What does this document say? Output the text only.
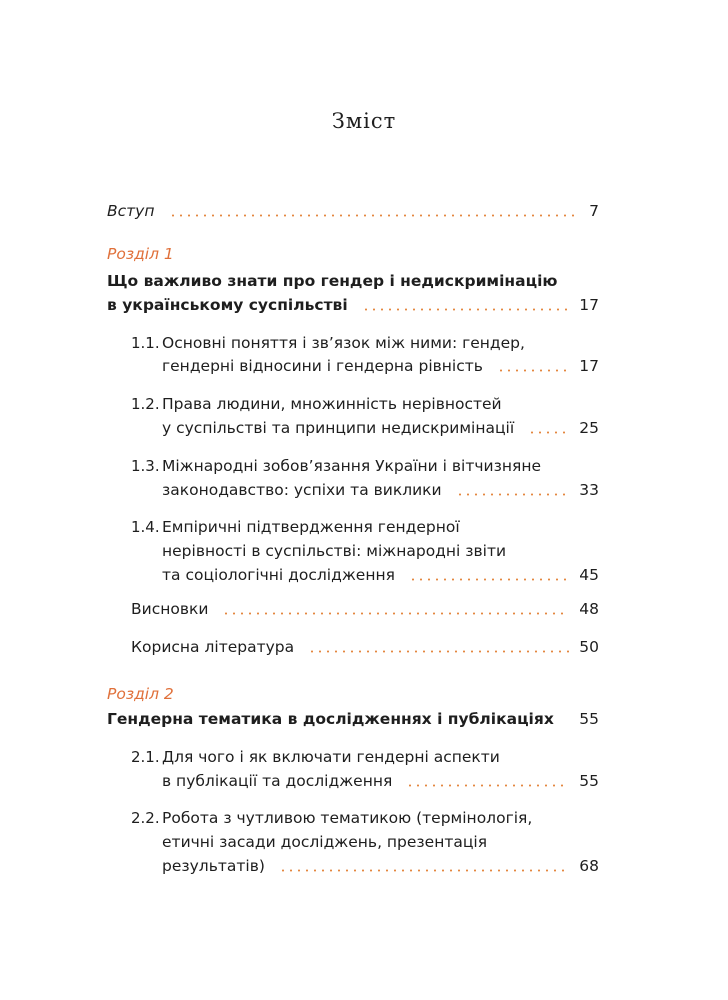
Зміст
Вступ	7
Розділ 1
Що важливо знати про гендер і недискримінацію
в українському суспільстві	17
1.1. Основні поняття і зв’язок між ними: гендер,
гендерні відносини і гендерна рівність	17
1.2. Права людини, множинність нерівностей
у суспільстві та принципи недискримінації	25
1.3. Міжнародні зобов’язання України і вітчизняне
законодавство: успіхи та виклики	33
1.4. Емпіричні підтвердження гендерної
нерівності в суспільстві: міжнародні звіти
та соціологічні дослідження	45
Висновки	48
Корисна література	50
Розділ 2
Гендерна тематика в дослідженнях і публікаціях 55
2.1. Для чого і як включати гендерні аспекти
в публікації та дослідження	55
2.2. Робота з чутливою тематикою (термінологія,
етичні засади досліджень, презентація
результатів)	68
